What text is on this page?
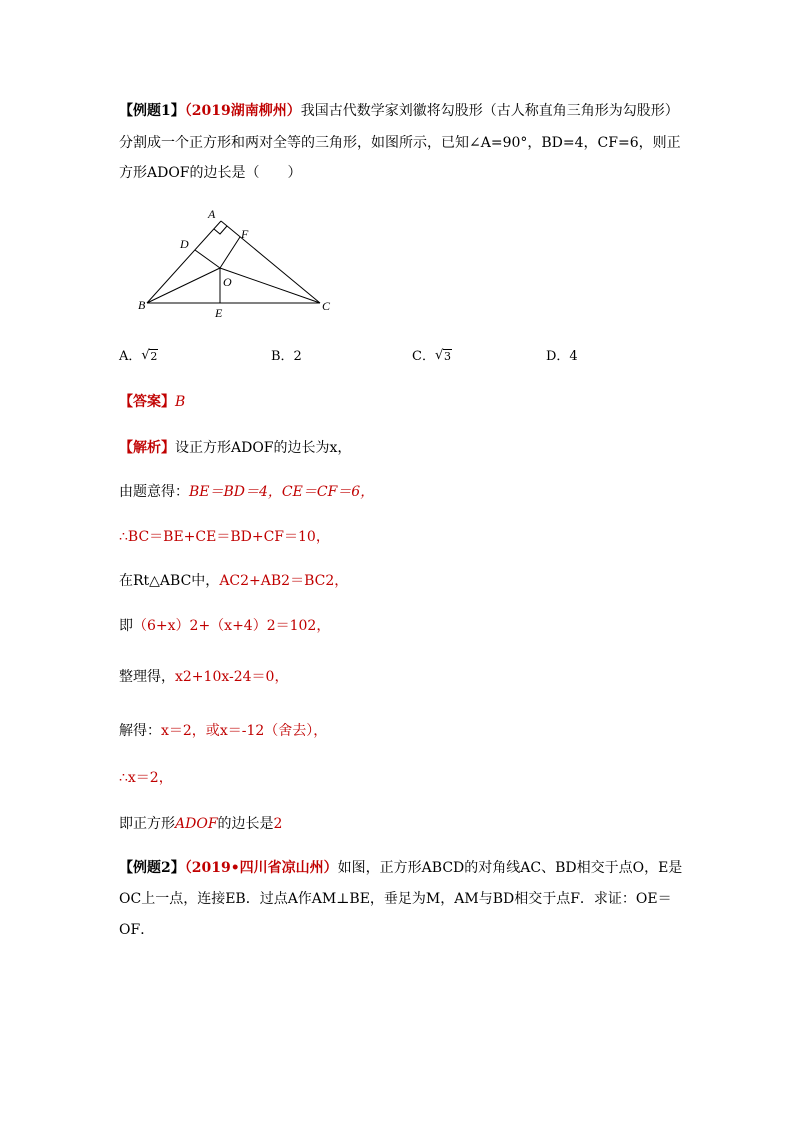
【例题1】（2019湖南柳州）我国古代数学家刘徽将勾股形（古人称直角三角形为勾股形）
分割成一个正方形和两对全等的三角形，如图所示，已知∠A=90°，BD=4，CF=6，则正
方形ADOF的边长是（　　）
A
D
F
O
B	C
E
A． √ 2	B．2	C． √ 3	D．4
【答案】B
【解析】设正方形ADOF的边长为x，
由题意得：BE＝BD＝4，CE＝CF＝6，
∴BC＝BE+CE＝BD+CF＝10，
在Rt△ABC中，AC2+AB2＝BC2，
即（6+x）2+（x+4）2＝102，
整理得，x2+10x-24＝0，
解得：x＝2，或x＝-12（舍去），
∴x＝2，
即正方形ADOF的边长是2
【例题2】（2019•四川省凉山州）如图，正方形ABCD的对角线AC、BD相交于点O，E是
OC上一点，连接EB．过点A作AM⊥BE，垂足为M，AM与BD相交于点F．求证：OE＝
OF．
